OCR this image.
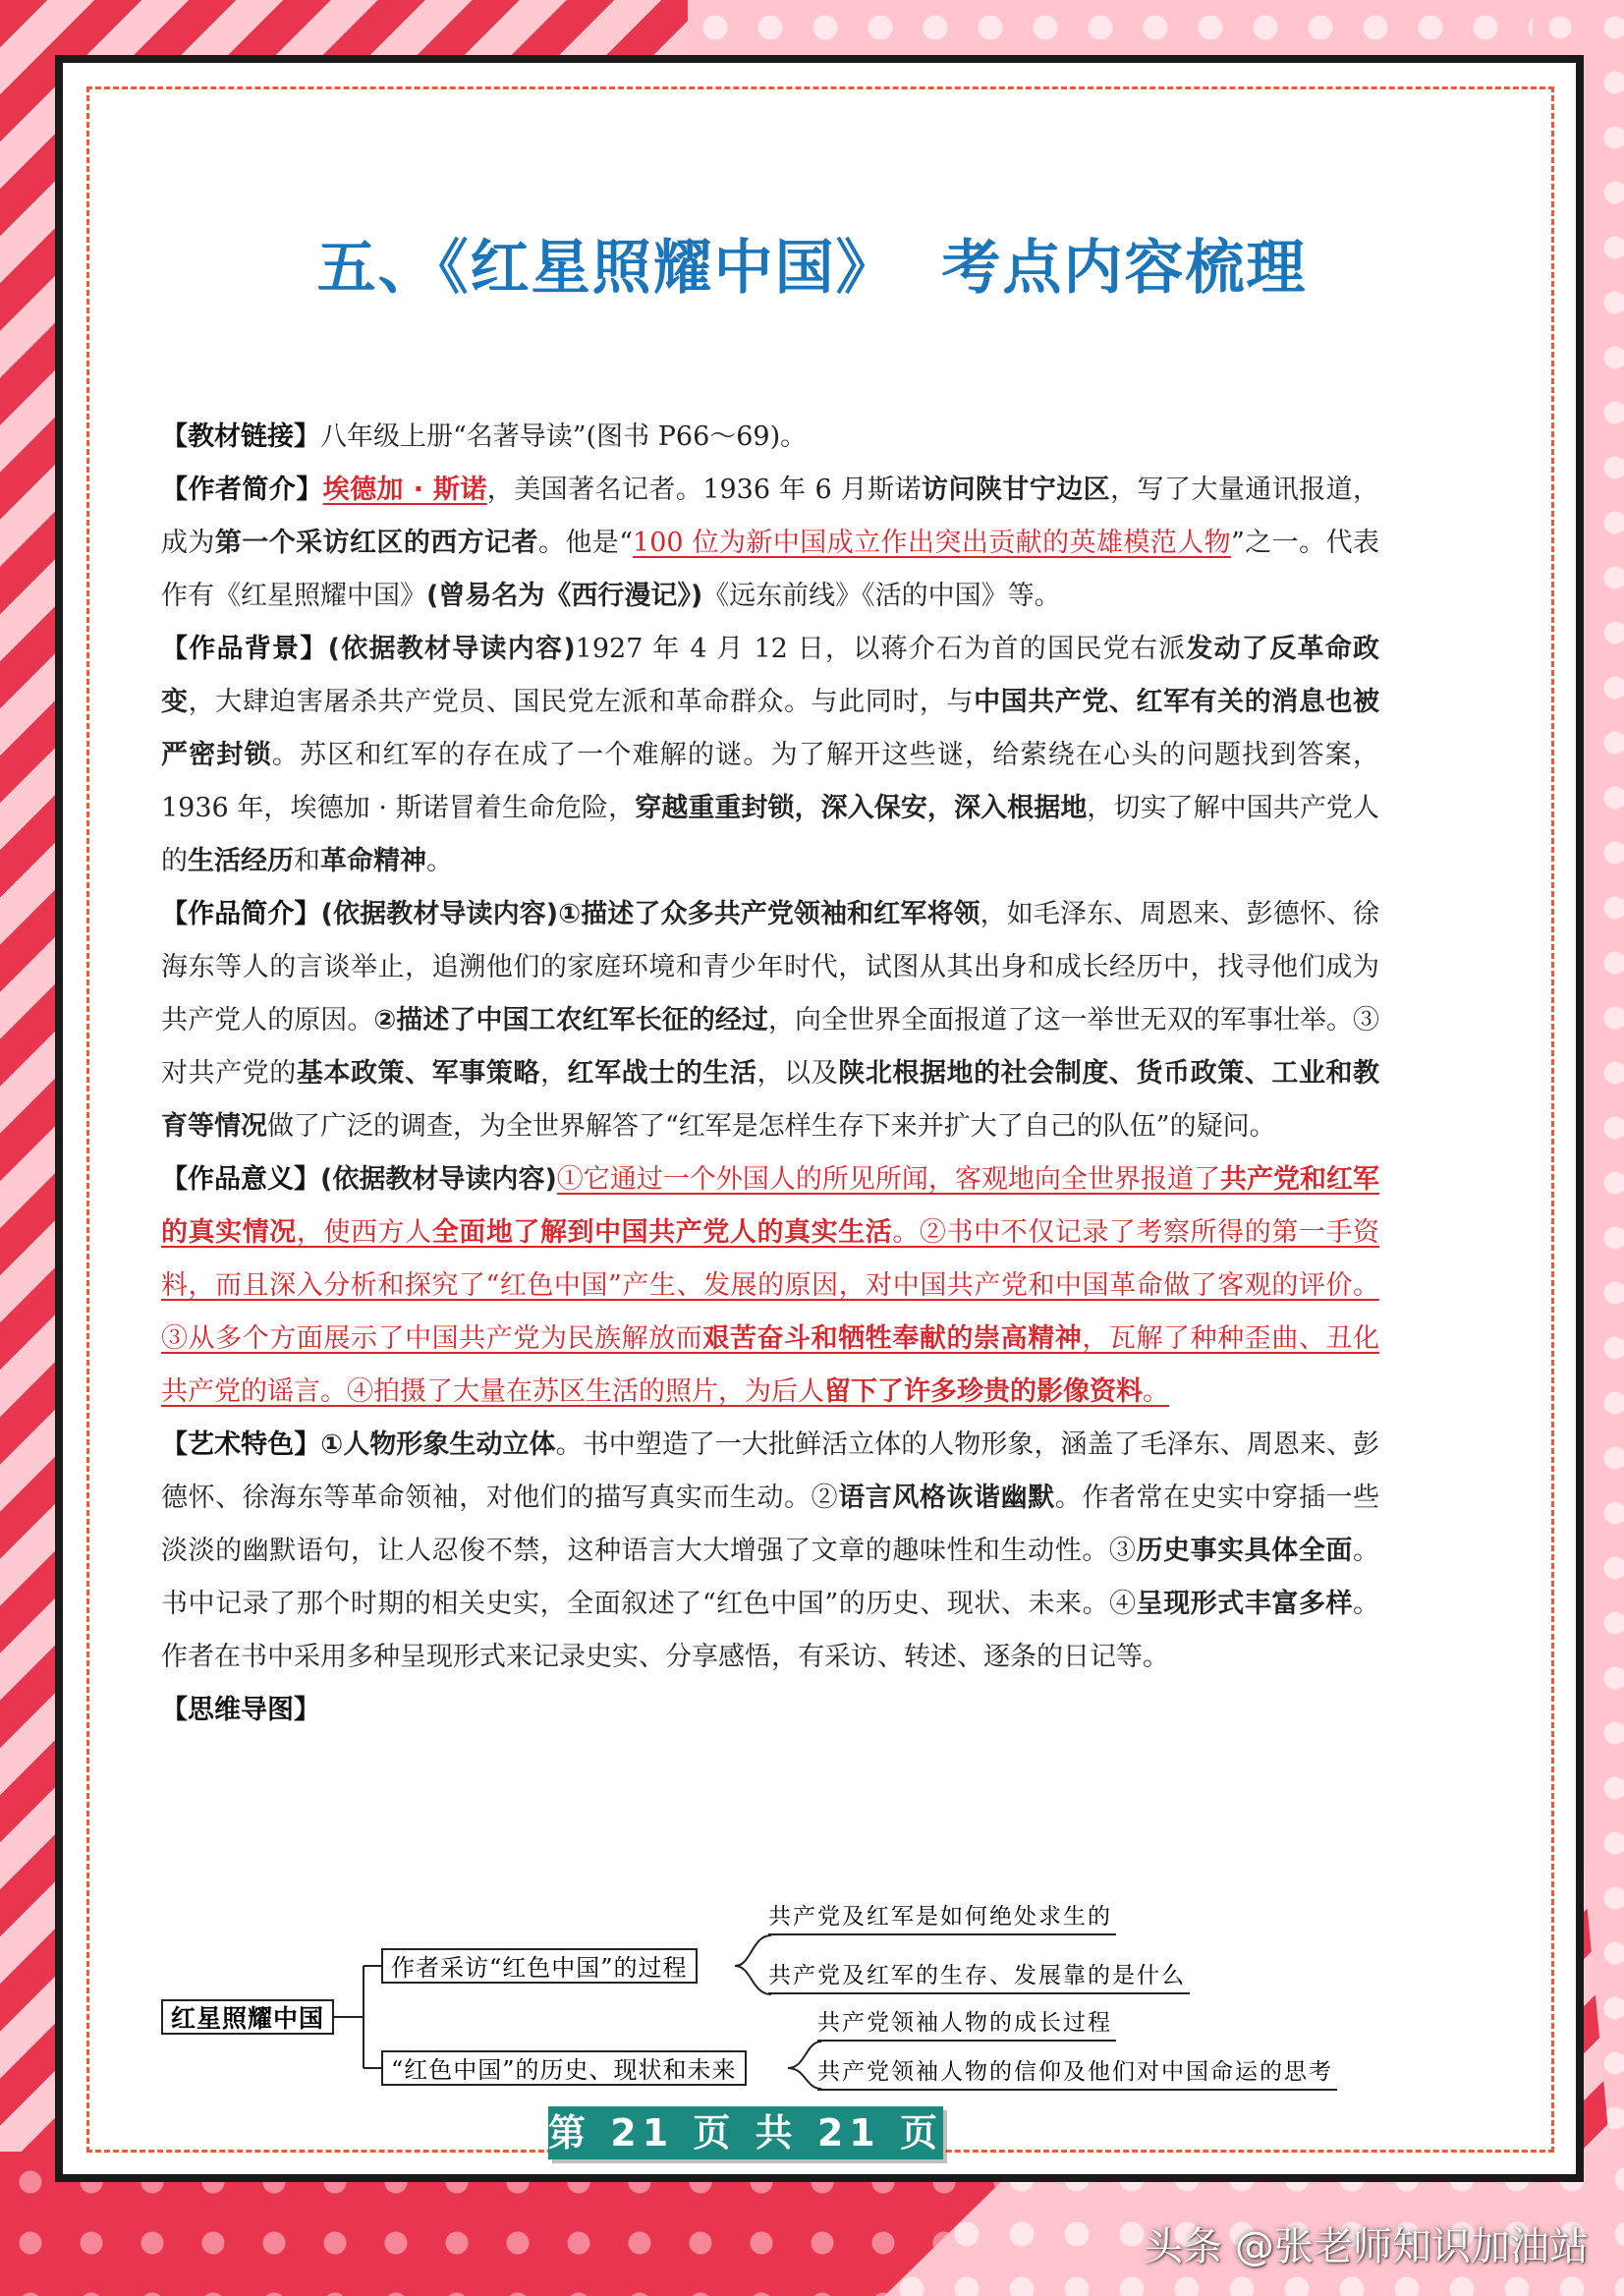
五、《红星照耀中国》  考点内容梳理

【教材链接】八年级上册“名著导读”(图书 P66～69)。

【作者简介】埃德加 · 斯诺，美国著名记者。1936 年 6 月斯诺访问陕甘宁边区，写了大量通讯报道，成为第一个采访红区的西方记者。他是“100 位为新中国成立作出突出贡献的英雄模范人物”之一。代表作有《红星照耀中国》(曾易名为《西行漫记》)《远东前线》《活的中国》等。

【作品背景】(依据教材导读内容)1927 年 4 月 12 日，以蒋介石为首的国民党右派发动了反革命政变，大肆迫害屠杀共产党员、国民党左派和革命群众。与此同时，与中国共产党、红军有关的消息也被严密封锁。苏区和红军的存在成了一个难解的谜。为了解开这些谜，给萦绕在心头的问题找到答案，1936 年，埃德加 · 斯诺冒着生命危险，穿越重重封锁，深入保安，深入根据地，切实了解中国共产党人的生活经历和革命精神。

【作品简介】(依据教材导读内容)①描述了众多共产党领袖和红军将领，如毛泽东、周恩来、彭德怀、徐海东等人的言谈举止，追溯他们的家庭环境和青少年时代，试图从其出身和成长经历中，找寻他们成为共产党人的原因。②描述了中国工农红军长征的经过，向全世界全面报道了这一举世无双的军事壮举。③对共产党的基本政策、军事策略，红军战士的生活，以及陕北根据地的社会制度、货币政策、工业和教育等情况做了广泛的调查，为全世界解答了“红军是怎样生存下来并扩大了自己的队伍”的疑问。

【作品意义】(依据教材导读内容)①它通过一个外国人的所见所闻，客观地向全世界报道了共产党和红军的真实情况，使西方人全面地了解到中国共产党人的真实生活。②书中不仅记录了考察所得的第一手资料，而且深入分析和探究了“红色中国”产生、发展的原因，对中国共产党和中国革命做了客观的评价。③从多个方面展示了中国共产党为民族解放而艰苦奋斗和牺牲奉献的崇高精神，瓦解了种种歪曲、丑化共产党的谣言。④拍摄了大量在苏区生活的照片，为后人留下了许多珍贵的影像资料。

【艺术特色】①人物形象生动立体。书中塑造了一大批鲜活立体的人物形象，涵盖了毛泽东、周恩来、彭德怀、徐海东等革命领袖，对他们的描写真实而生动。②语言风格诙谐幽默。作者常在史实中穿插一些淡淡的幽默语句，让人忍俊不禁，这种语言大大增强了文章的趣味性和生动性。③历史事实具体全面。书中记录了那个时期的相关史实，全面叙述了“红色中国”的历史、现状、未来。④呈现形式丰富多样。作者在书中采用多种呈现形式来记录史实、分享感悟，有采访、转述、逐条的日记等。

【思维导图】

红星照耀中国
作者采访“红色中国”的过程
“红色中国”的历史、现状和未来
共产党及红军是如何绝处求生的
共产党及红军的生存、发展靠的是什么
共产党领袖人物的成长过程
共产党领袖人物的信仰及他们对中国命运的思考
第 21 页 共 21 页
头条 @张老师知识加油站
